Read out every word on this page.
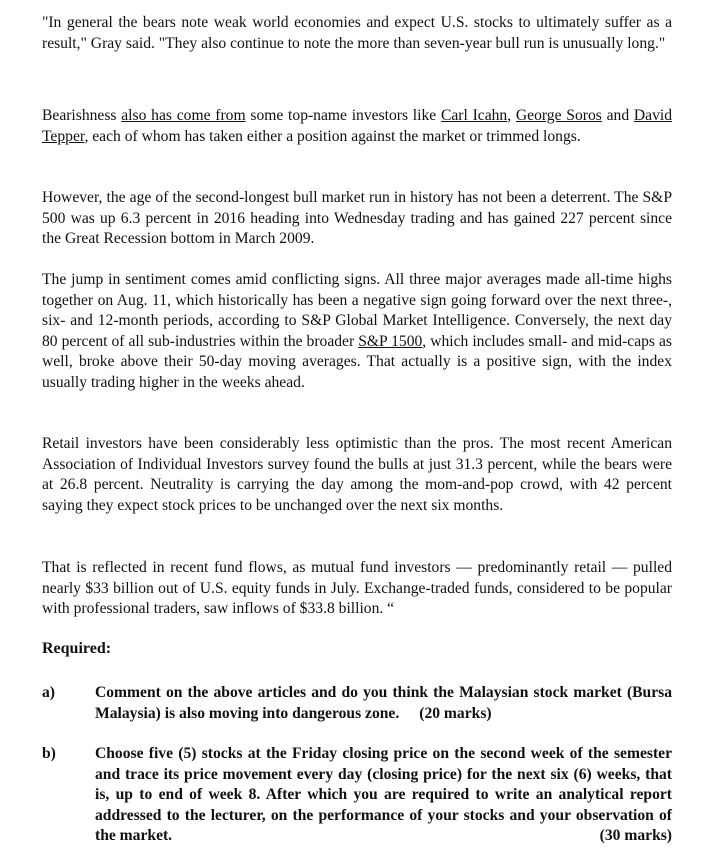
"In general the bears note weak world economies and expect U.S. stocks to ultimately suffer as a result," Gray said. "They also continue to note the more than seven-year bull run is unusually long."

Bearishness also has come from some top-name investors like Carl Icahn, George Soros and David Tepper, each of whom has taken either a position against the market or trimmed longs.

However, the age of the second-longest bull market run in history has not been a deterrent. The S&P 500 was up 6.3 percent in 2016 heading into Wednesday trading and has gained 227 percent since the Great Recession bottom in March 2009.

The jump in sentiment comes amid conflicting signs. All three major averages made all-time highs together on Aug. 11, which historically has been a negative sign going forward over the next three-, six- and 12-month periods, according to S&P Global Market Intelligence. Conversely, the next day 80 percent of all sub-industries within the broader S&P 1500, which includes small- and mid-caps as well, broke above their 50-day moving averages. That actually is a positive sign, with the index usually trading higher in the weeks ahead.

Retail investors have been considerably less optimistic than the pros. The most recent American Association of Individual Investors survey found the bulls at just 31.3 percent, while the bears were at 26.8 percent. Neutrality is carrying the day among the mom-and-pop crowd, with 42 percent saying they expect stock prices to be unchanged over the next six months.

That is reflected in recent fund flows, as mutual fund investors — predominantly retail — pulled nearly $33 billion out of U.S. equity funds in July. Exchange-traded funds, considered to be popular with professional traders, saw inflows of $33.8 billion. “

Required:

a)	Comment on the above articles and do you think the Malaysian stock market (Bursa Malaysia) is also moving into dangerous zone. (20 marks)
b)	Choose five (5) stocks at the Friday closing price on the second week of the semester and trace its price movement every day (closing price) for the next six (6) weeks, that is, up to end of week 8. After which you are required to write an analytical report addressed to the lecturer, on the performance of your stocks and your observation of the market.	(30 marks)
